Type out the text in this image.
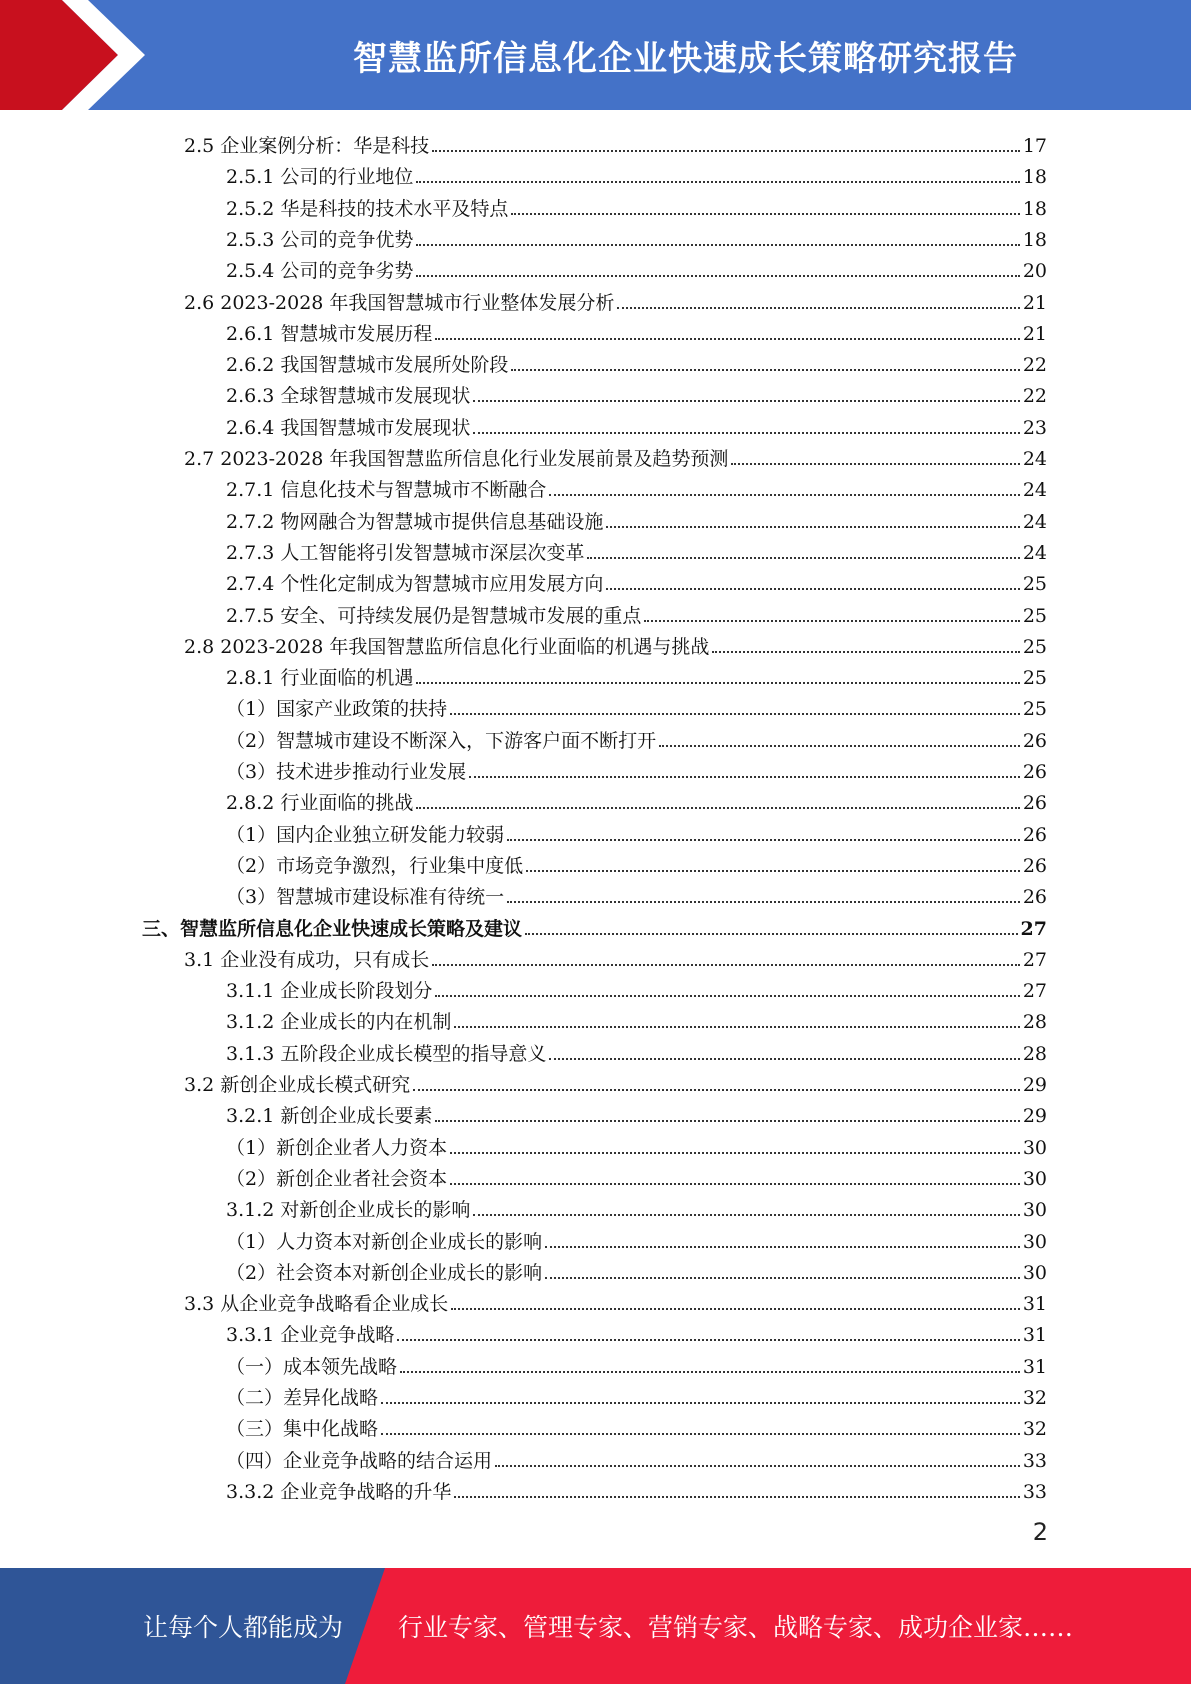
智慧监所信息化企业快速成长策略研究报告
2.5 企业案例分析：华是科技	17
2.5.1 公司的行业地位	18
2.5.2 华是科技的技术水平及特点	18
2.5.3 公司的竞争优势	18
2.5.4 公司的竞争劣势	20
2.6 2023-2028 年我国智慧城市行业整体发展分析	21
2.6.1 智慧城市发展历程	21
2.6.2 我国智慧城市发展所处阶段	22
2.6.3 全球智慧城市发展现状	22
2.6.4 我国智慧城市发展现状	23
2.7 2023-2028 年我国智慧监所信息化行业发展前景及趋势预测	24
2.7.1 信息化技术与智慧城市不断融合	24
2.7.2 物网融合为智慧城市提供信息基础设施	24
2.7.3 人工智能将引发智慧城市深层次变革	24
2.7.4 个性化定制成为智慧城市应用发展方向	25
2.7.5 安全、可持续发展仍是智慧城市发展的重点	25
2.8 2023-2028 年我国智慧监所信息化行业面临的机遇与挑战	25
2.8.1 行业面临的机遇	25
（1）国家产业政策的扶持	25
（2）智慧城市建设不断深入，下游客户面不断打开	26
（3）技术进步推动行业发展	26
2.8.2 行业面临的挑战	26
（1）国内企业独立研发能力较弱	26
（2）市场竞争激烈，行业集中度低	26
（3）智慧城市建设标准有待统一	26
三、智慧监所信息化企业快速成长策略及建议	27
3.1 企业没有成功，只有成长	27
3.1.1 企业成长阶段划分	27
3.1.2 企业成长的内在机制	28
3.1.3 五阶段企业成长模型的指导意义	28
3.2 新创企业成长模式研究	29
3.2.1 新创企业成长要素	29
（1）新创企业者人力资本	30
（2）新创企业者社会资本	30
3.1.2 对新创企业成长的影响	30
（1）人力资本对新创企业成长的影响	30
（2）社会资本对新创企业成长的影响	30
3.3 从企业竞争战略看企业成长	31
3.3.1 企业竞争战略	31
（一）成本领先战略	31
（二）差异化战略	32
（三）集中化战略	32
（四）企业竞争战略的结合运用	33
3.3.2 企业竞争战略的升华	33
2
让每个人都能成为 行业专家、管理专家、营销专家、战略专家、成功企业家……
